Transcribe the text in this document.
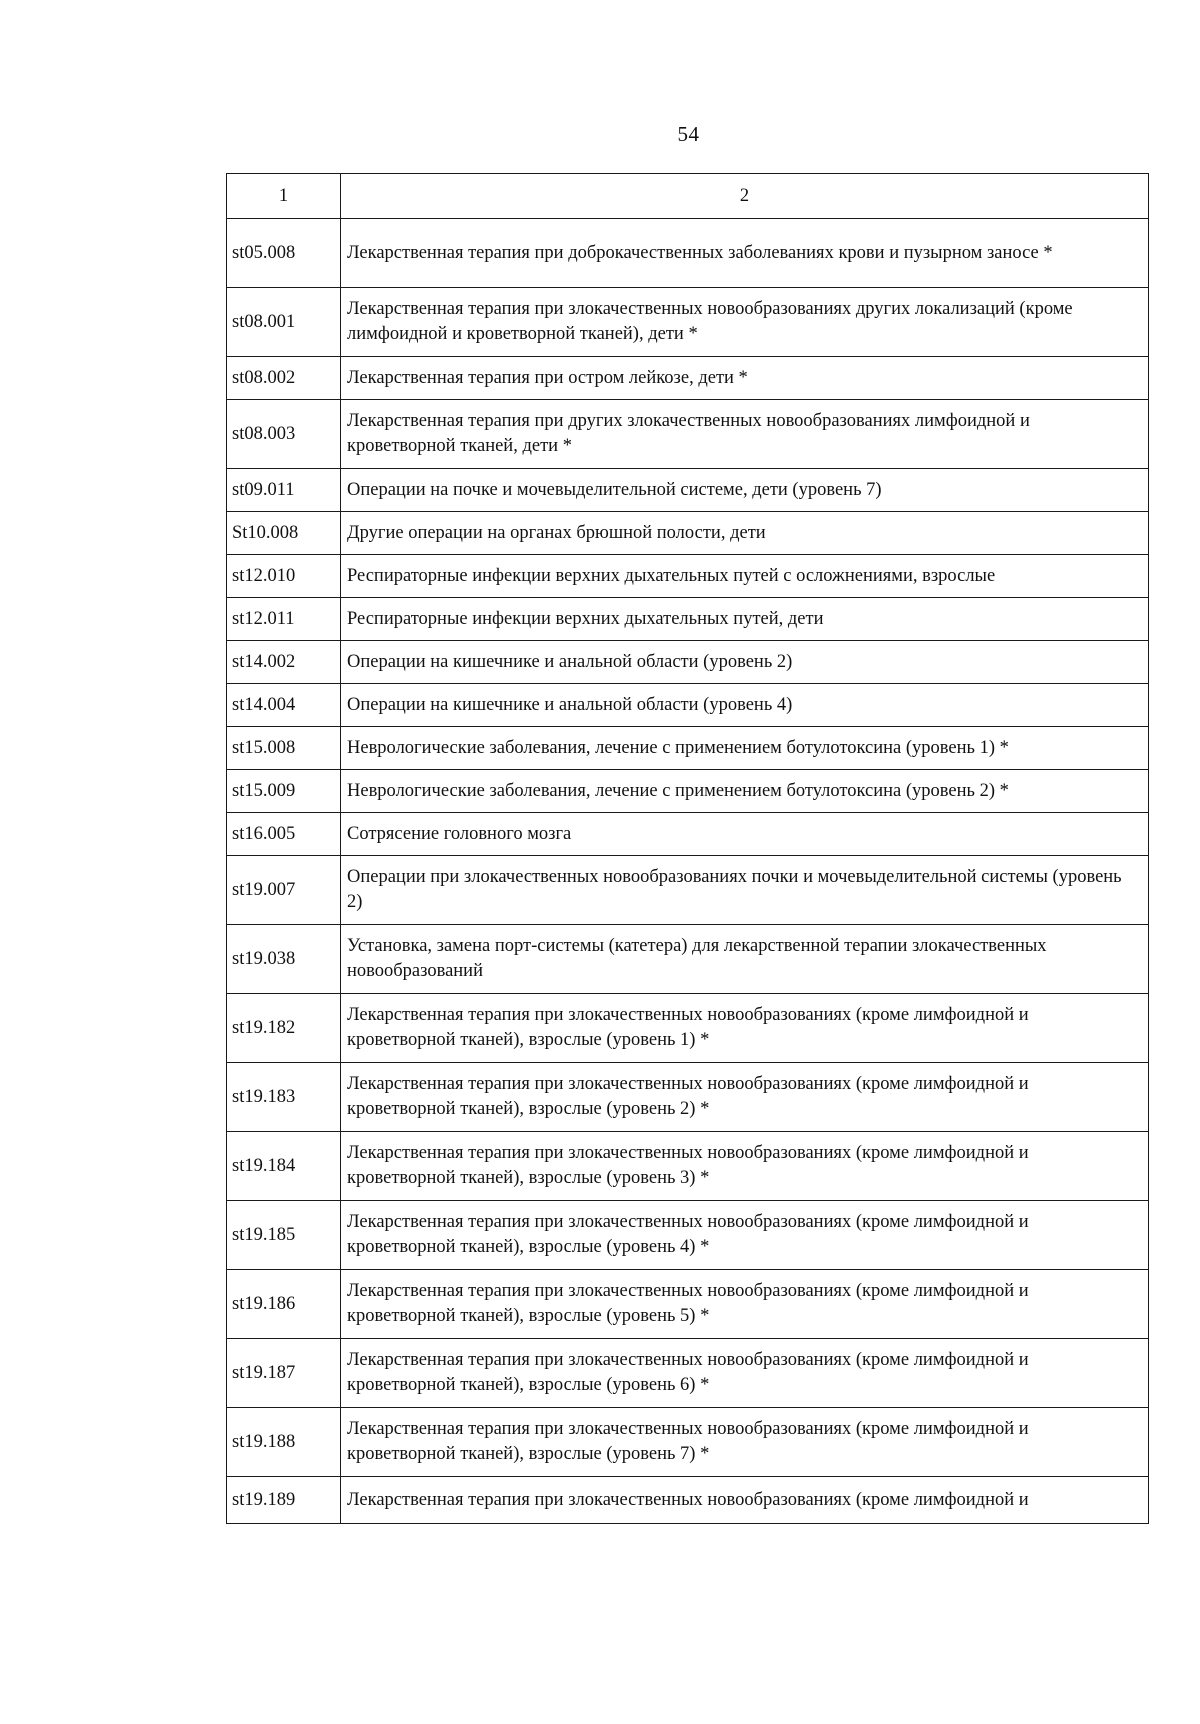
54
1	2
st05.008	Лекарственная терапия при доброкачественных заболеваниях крови и пузырном заносе *
st08.001	Лекарственная терапия при злокачественных новообразованиях других локализаций (кроме лимфоидной и кроветворной тканей), дети *
st08.002	Лекарственная терапия при остром лейкозе, дети *
st08.003	Лекарственная терапия при других злокачественных новообразованиях лимфоидной и кроветворной тканей, дети *
st09.011	Операции на почке и мочевыделительной системе, дети (уровень 7)
St10.008	Другие операции на органах брюшной полости, дети
st12.010	Респираторные инфекции верхних дыхательных путей с осложнениями, взрослые
st12.011	Респираторные инфекции верхних дыхательных путей, дети
st14.002	Операции на кишечнике и анальной области (уровень 2)
st14.004	Операции на кишечнике и анальной области (уровень 4)
st15.008	Неврологические заболевания, лечение с применением ботулотоксина (уровень 1) *
st15.009	Неврологические заболевания, лечение с применением ботулотоксина (уровень 2) *
st16.005	Сотрясение головного мозга
st19.007	Операции при злокачественных новообразованиях почки и мочевыделительной системы (уровень 2)
st19.038	Установка, замена порт-системы (катетера) для лекарственной терапии злокачественных новообразований
st19.182	Лекарственная терапия при злокачественных новообразованиях (кроме лимфоидной и кроветворной тканей), взрослые (уровень 1) *
st19.183	Лекарственная терапия при злокачественных новообразованиях (кроме лимфоидной и кроветворной тканей), взрослые (уровень 2) *
st19.184	Лекарственная терапия при злокачественных новообразованиях (кроме лимфоидной и кроветворной тканей), взрослые (уровень 3) *
st19.185	Лекарственная терапия при злокачественных новообразованиях (кроме лимфоидной и кроветворной тканей), взрослые (уровень 4) *
st19.186	Лекарственная терапия при злокачественных новообразованиях (кроме лимфоидной и кроветворной тканей), взрослые (уровень 5) *
st19.187	Лекарственная терапия при злокачественных новообразованиях (кроме лимфоидной и кроветворной тканей), взрослые (уровень 6) *
st19.188	Лекарственная терапия при злокачественных новообразованиях (кроме лимфоидной и кроветворной тканей), взрослые (уровень 7) *
st19.189	Лекарственная терапия при злокачественных новообразованиях (кроме лимфоидной и
